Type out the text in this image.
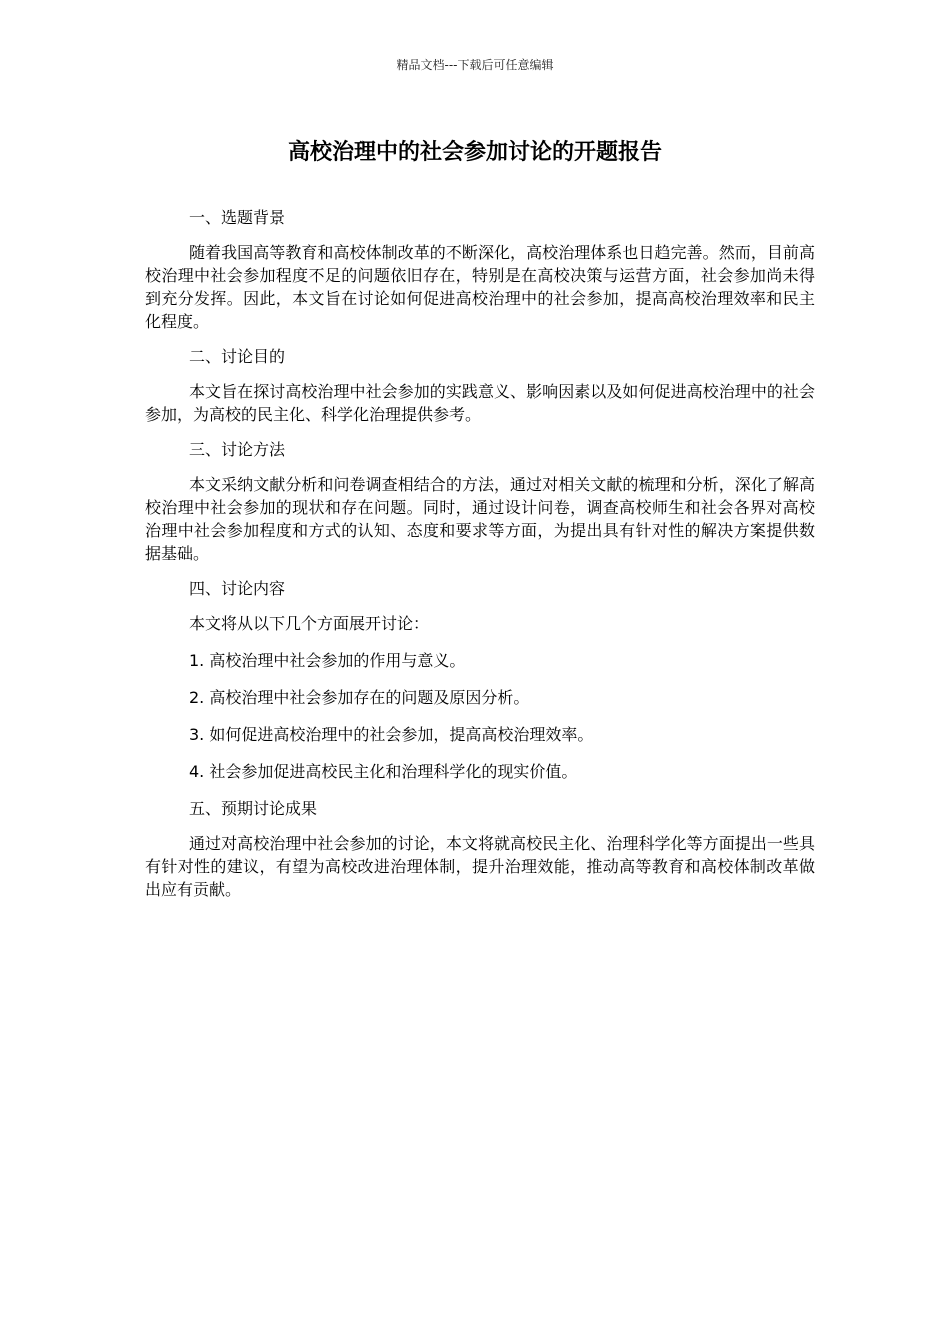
精品文档---下载后可任意编辑
高校治理中的社会参加讨论的开题报告

一、选题背景

随着我国高等教育和高校体制改革的不断深化，高校治理体系也日趋完善。然而，目前高校治理中社会参加程度不足的问题依旧存在，特别是在高校决策与运营方面，社会参加尚未得到充分发挥。因此，本文旨在讨论如何促进高校治理中的社会参加，提高高校治理效率和民主化程度。

二、讨论目的

本文旨在探讨高校治理中社会参加的实践意义、影响因素以及如何促进高校治理中的社会参加，为高校的民主化、科学化治理提供参考。

三、讨论方法

本文采纳文献分析和问卷调查相结合的方法，通过对相关文献的梳理和分析，深化了解高校治理中社会参加的现状和存在问题。同时，通过设计问卷，调查高校师生和社会各界对高校治理中社会参加程度和方式的认知、态度和要求等方面，为提出具有针对性的解决方案提供数据基础。

四、讨论内容

本文将从以下几个方面展开讨论：

1. 高校治理中社会参加的作用与意义。

2. 高校治理中社会参加存在的问题及原因分析。

3. 如何促进高校治理中的社会参加，提高高校治理效率。

4. 社会参加促进高校民主化和治理科学化的现实价值。

五、预期讨论成果

通过对高校治理中社会参加的讨论，本文将就高校民主化、治理科学化等方面提出一些具有针对性的建议，有望为高校改进治理体制，提升治理效能，推动高等教育和高校体制改革做出应有贡献。
